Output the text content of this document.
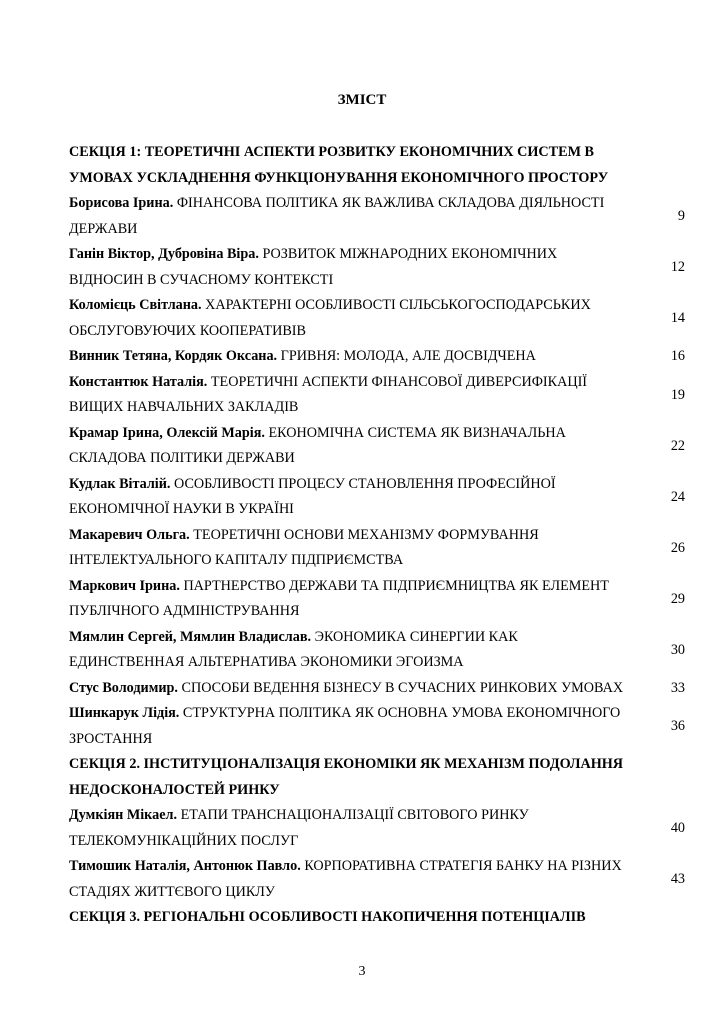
ЗМІСТ
СЕКЦІЯ 1: ТЕОРЕТИЧНІ АСПЕКТИ РОЗВИТКУ ЕКОНОМІЧНИХ СИСТЕМ В УМОВАХ УСКЛАДНЕННЯ ФУНКЦІОНУВАННЯ ЕКОНОМІЧНОГО ПРОСТОРУ
Борисова Ірина. ФІНАНСОВА ПОЛІТИКА ЯК ВАЖЛИВА СКЛАДОВА ДІЯЛЬНОСТІ ДЕРЖАВИ
9
Ганін Віктор, Дубровіна Віра. РОЗВИТОК МІЖНАРОДНИХ ЕКОНОМІЧНИХ ВІДНОСИН В СУЧАСНОМУ КОНТЕКСТІ
12
Коломієць Світлана. ХАРАКТЕРНІ ОСОБЛИВОСТІ СІЛЬСЬКОГОСПОДАРСЬКИХ ОБСЛУГОВУЮЧИХ КООПЕРАТИВІВ
14
Винник Тетяна, Кордяк Оксана. ГРИВНЯ: МОЛОДА, АЛЕ ДОСВІДЧЕНА	16
Константюк Наталія. ТЕОРЕТИЧНІ АСПЕКТИ ФІНАНСОВОЇ ДИВЕРСИФІКАЦІЇ ВИЩИХ НАВЧАЛЬНИХ ЗАКЛАДІВ
19
Крамар Ірина, Олексій Марія. ЕКОНОМІЧНА СИСТЕМА ЯК ВИЗНАЧАЛЬНА СКЛАДОВА ПОЛІТИКИ ДЕРЖАВИ
22
Кудлак Віталій. ОСОБЛИВОСТІ ПРОЦЕСУ СТАНОВЛЕННЯ ПРОФЕСІЙНОЇ ЕКОНОМІЧНОЇ НАУКИ В УКРАЇНІ
24
Макаревич Ольга. ТЕОРЕТИЧНІ ОСНОВИ МЕХАНІЗМУ ФОРМУВАННЯ ІНТЕЛЕКТУАЛЬНОГО КАПІТАЛУ ПІДПРИЄМСТВА
26
Маркович Ірина. ПАРТНЕРСТВО ДЕРЖАВИ ТА ПІДПРИЄМНИЦТВА ЯК ЕЛЕМЕНТ ПУБЛІЧНОГО АДМІНІСТРУВАННЯ
29
Мямлин Сергей, Мямлин Владислав. ЭКОНОМИКА СИНЕРГИИ КАК ЕДИНСТВЕННАЯ АЛЬТЕРНАТИВА ЭКОНОМИКИ ЭГОИЗМА
30
Стус Володимир. СПОСОБИ ВЕДЕННЯ БІЗНЕСУ В СУЧАСНИХ РИНКОВИХ УМОВАХ	33
Шинкарук Лідія. СТРУКТУРНА ПОЛІТИКА ЯК ОСНОВНА УМОВА ЕКОНОМІЧНОГО ЗРОСТАННЯ
36
СЕКЦІЯ 2. ІНСТИТУЦІОНАЛІЗАЦІЯ ЕКОНОМІКИ ЯК МЕХАНІЗМ ПОДОЛАННЯ НЕДОСКОНАЛОСТЕЙ РИНКУ
Думкіян Мікаел. ЕТАПИ ТРАНСНАЦІОНАЛІЗАЦІЇ СВІТОВОГО РИНКУ ТЕЛЕКОМУНІКАЦІЙНИХ ПОСЛУГ
40
Тимошик Наталія, Антонюк Павло. КОРПОРАТИВНА СТРАТЕГІЯ БАНКУ НА РІЗНИХ СТАДІЯХ ЖИТТЄВОГО ЦИКЛУ
43
СЕКЦІЯ 3. РЕГІОНАЛЬНІ ОСОБЛИВОСТІ НАКОПИЧЕННЯ ПОТЕНЦІАЛІВ
3
